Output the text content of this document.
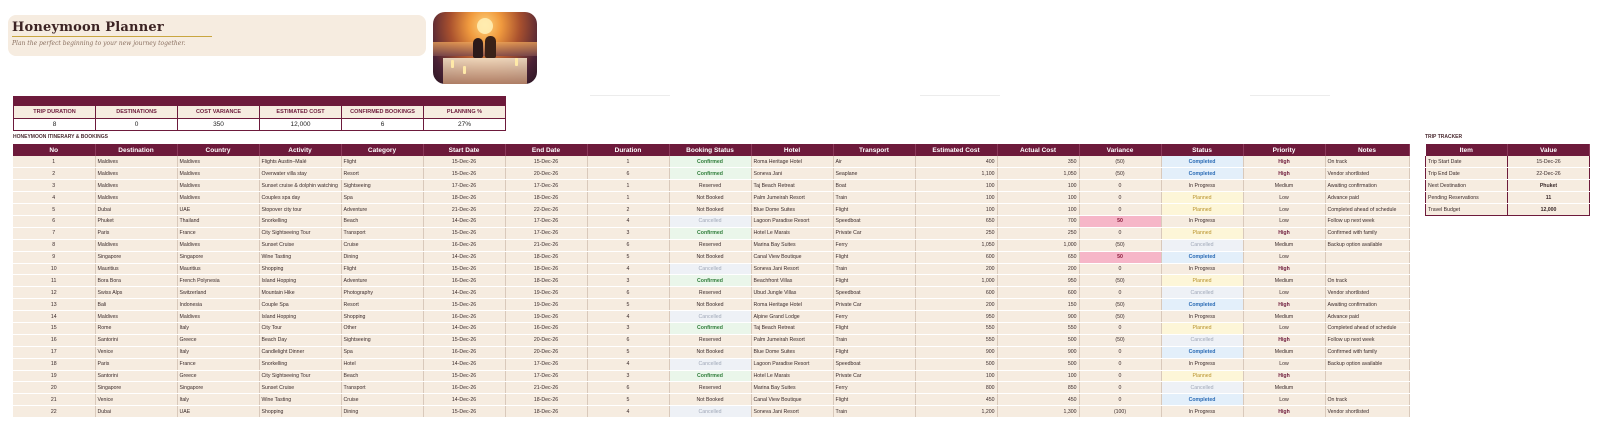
Honeymoon Planner
Plan the perfect beginning to your new journey together.
TRIP DURATION	DESTINATIONS	COST VARIANCE	ESTIMATED COST	CONFIRMED BOOKINGS	PLANNING %
8	0	350	12,000	6	27%
HONEYMOON ITINERARY & BOOKINGS
No	Destination	Country	Activity	Category	Start Date	End Date	Duration	Booking Status	Hotel	Transport	Estimated Cost	Actual Cost	Variance	Status	Priority	Notes
1	Maldives	Maldives	Flights Austin–Malé	Flight	15-Dec-26	15-Dec-26	1	Confirmed	Roma Heritage Hotel	Air	400	350	(50)	Completed	High	On track
2	Maldives	Maldives	Overwater villa stay	Resort	15-Dec-26	20-Dec-26	6	Confirmed	Soneva Jani	Seaplane	1,100	1,050	(50)	Completed	High	Vendor shortlisted
3	Maldives	Maldives	Sunset cruise & dolphin watching	Sightseeing	17-Dec-26	17-Dec-26	1	Reserved	Taj Beach Retreat	Boat	100	100	0	In Progress	Medium	Awaiting confirmation
4	Maldives	Maldives	Couples spa day	Spa	18-Dec-26	18-Dec-26	1	Not Booked	Palm Jumeirah Resort	Train	100	100	0	Planned	Low	Advance paid
5	Dubai	UAE	Stopover city tour	Adventure	21-Dec-26	22-Dec-26	2	Not Booked	Blue Dome Suites	Flight	100	100	0	Planned	Low	Completed ahead of schedule
6	Phuket	Thailand	Snorkelling	Beach	14-Dec-26	17-Dec-26	4	Cancelled	Lagoon Paradise Resort	Speedboat	650	700	50	In Progress	Low	Follow up next week
7	Paris	France	City Sightseeing Tour	Transport	15-Dec-26	17-Dec-26	3	Confirmed	Hotel Le Marais	Private Car	250	250	0	Planned	High	Confirmed with family
8	Maldives	Maldives	Sunset Cruise	Cruise	16-Dec-26	21-Dec-26	6	Reserved	Marina Bay Suites	Ferry	1,050	1,000	(50)	Cancelled	Medium	Backup option available
9	Singapore	Singapore	Wine Tasting	Dining	14-Dec-26	18-Dec-26	5	Not Booked	Canal View Boutique	Flight	600	650	50	Completed	Low	
10	Mauritius	Mauritius	Shopping	Flight	15-Dec-26	18-Dec-26	4	Cancelled	Soneva Jani Resort	Train	200	200	0	In Progress	High	
11	Bora Bora	French Polynesia	Island Hopping	Adventure	16-Dec-26	18-Dec-26	3	Confirmed	Beachfront Villas	Flight	1,000	950	(50)	Planned	Medium	On track
12	Swiss Alps	Switzerland	Mountain Hike	Photography	14-Dec-26	19-Dec-26	6	Reserved	Ubud Jungle Villas	Speedboat	600	600	0	Cancelled	Low	Vendor shortlisted
13	Bali	Indonesia	Couple Spa	Resort	15-Dec-26	19-Dec-26	5	Not Booked	Roma Heritage Hotel	Private Car	200	150	(50)	Completed	High	Awaiting confirmation
14	Maldives	Maldives	Island Hopping	Shopping	16-Dec-26	19-Dec-26	4	Cancelled	Alpine Grand Lodge	Ferry	950	900	(50)	In Progress	Medium	Advance paid
15	Rome	Italy	City Tour	Other	14-Dec-26	16-Dec-26	3	Confirmed	Taj Beach Retreat	Flight	550	550	0	Planned	Low	Completed ahead of schedule
16	Santorini	Greece	Beach Day	Sightseeing	15-Dec-26	20-Dec-26	6	Reserved	Palm Jumeirah Resort	Train	550	500	(50)	Cancelled	High	Follow up next week
17	Venice	Italy	Candlelight Dinner	Spa	16-Dec-26	20-Dec-26	5	Not Booked	Blue Dome Suites	Flight	900	900	0	Completed	Medium	Confirmed with family
18	Paris	France	Snorkelling	Hotel	14-Dec-26	17-Dec-26	4	Cancelled	Lagoon Paradise Resort	Speedboat	500	500	0	In Progress	Low	Backup option available
19	Santorini	Greece	City Sightseeing Tour	Beach	15-Dec-26	17-Dec-26	3	Confirmed	Hotel Le Marais	Private Car	100	100	0	Planned	High	
20	Singapore	Singapore	Sunset Cruise	Transport	16-Dec-26	21-Dec-26	6	Reserved	Marina Bay Suites	Ferry	800	850	0	Cancelled	Medium	
21	Venice	Italy	Wine Tasting	Cruise	14-Dec-26	18-Dec-26	5	Not Booked	Canal View Boutique	Flight	450	450	0	Completed	Low	On track
22	Dubai	UAE	Shopping	Dining	15-Dec-26	18-Dec-26	4	Cancelled	Soneva Jani Resort	Train	1,200	1,300	(100)	In Progress	High	Vendor shortlisted
TRIP TRACKER
Item	Value
Trip Start Date	15-Dec-26
Trip End Date	22-Dec-26
Next Destination	Phuket
Pending Reservations	11
Travel Budget	12,000
